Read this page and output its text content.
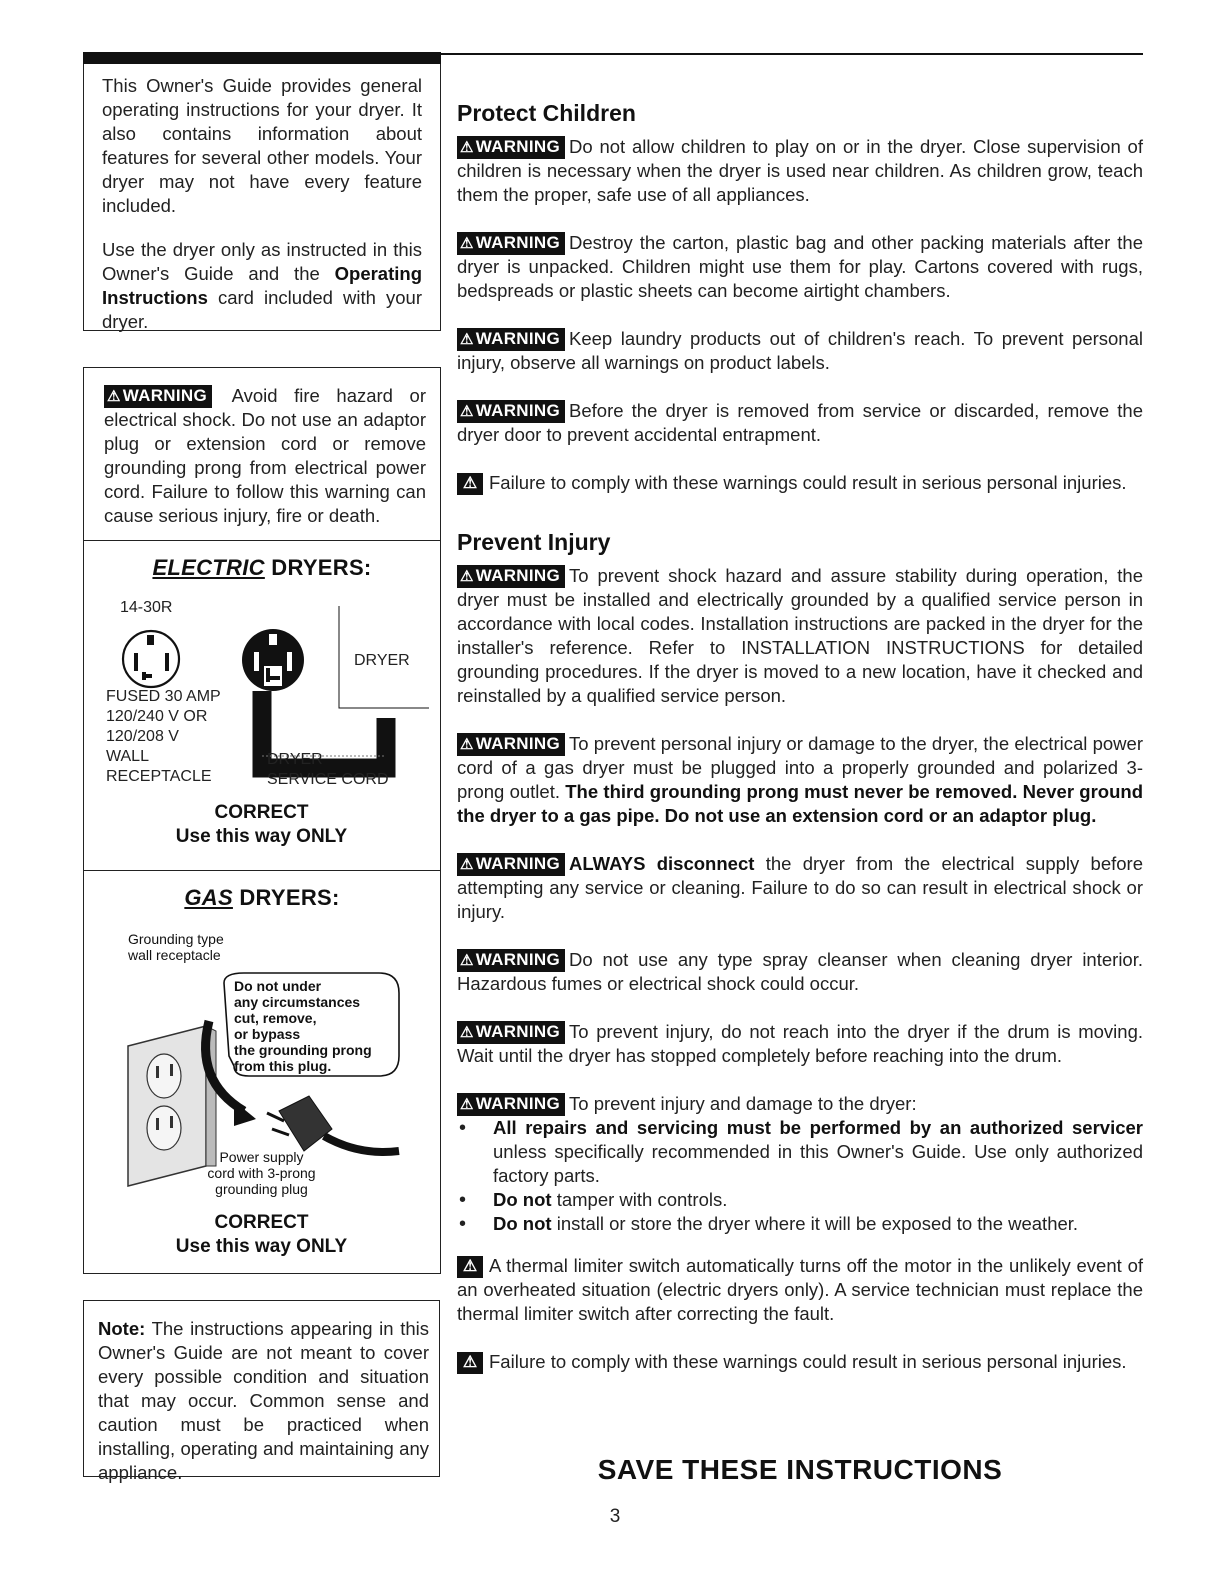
This Owner's Guide provides general operating instructions for your dryer. It also contains information about features for several other models. Your dryer may not have every feature included.

Use the dryer only as instructed in this Owner's Guide and the Operating Instructions card included with your dryer.

⚠ WARNING Avoid fire hazard or electrical shock. Do not use an adaptor plug or extension cord or remove grounding prong from electrical power cord. Failure to follow this warning can cause serious injury, fire or death.

ELECTRIC DRYERS:
14-30R
DRYER
FUSED 30 AMP
120/240 V OR
120/208 V
WALL
RECEPTACLE
DRYER
SERVICE CORD
CORRECT
Use this way ONLY
GAS DRYERS:
Grounding type
wall receptacle
Do not under
any circumstances
cut, remove,
or bypass
the grounding prong
from this plug.
Power supply
cord with 3-prong
grounding plug
CORRECT
Use this way ONLY

Note: The instructions appearing in this Owner's Guide are not meant to cover every possible condition and situation that may occur. Common sense and caution must be practiced when installing, operating and maintaining any appliance.

Protect Children

⚠ WARNING Do not allow children to play on or in the dryer. Close supervision of children is necessary when the dryer is used near children. As children grow, teach them the proper, safe use of all appliances.

⚠ WARNING Destroy the carton, plastic bag and other packing materials after the dryer is unpacked. Children might use them for play. Cartons covered with rugs, bedspreads or plastic sheets can become airtight chambers.

⚠ WARNING Keep laundry products out of children's reach. To prevent personal injury, observe all warnings on product labels.

⚠ WARNING Before the dryer is removed from service or discarded, remove the dryer door to prevent accidental entrapment.

⚠ Failure to comply with these warnings could result in serious personal injuries.

Prevent Injury

⚠ WARNING To prevent shock hazard and assure stability during operation, the dryer must be installed and electrically grounded by a qualified service person in accordance with local codes. Installation instructions are packed in the dryer for the installer's reference. Refer to INSTALLATION INSTRUCTIONS for detailed grounding procedures. If the dryer is moved to a new location, have it checked and reinstalled by a qualified service person.

⚠ WARNING To prevent personal injury or damage to the dryer, the electrical power cord of a gas dryer must be plugged into a properly grounded and polarized 3-prong outlet. The third grounding prong must never be removed. Never ground the dryer to a gas pipe. Do not use an extension cord or an adaptor plug.

⚠ WARNING ALWAYS disconnect the dryer from the electrical supply before attempting any service or cleaning. Failure to do so can result in electrical shock or injury.

⚠ WARNING Do not use any type spray cleanser when cleaning dryer interior. Hazardous fumes or electrical shock could occur.

⚠ WARNING To prevent injury, do not reach into the dryer if the drum is moving. Wait until the dryer has stopped completely before reaching into the drum.

⚠ WARNING To prevent injury and damage to the dryer:

• All repairs and servicing must be performed by an authorized servicer unless specifically recommended in this Owner's Guide. Use only authorized factory parts.
• Do not tamper with controls.
• Do not install or store the dryer where it will be exposed to the weather.

⚠ A thermal limiter switch automatically turns off the motor in the unlikely event of an overheated situation (electric dryers only). A service technician must replace the thermal limiter switch after correcting the fault.

⚠ Failure to comply with these warnings could result in serious personal injuries.

SAVE THESE INSTRUCTIONS
3
